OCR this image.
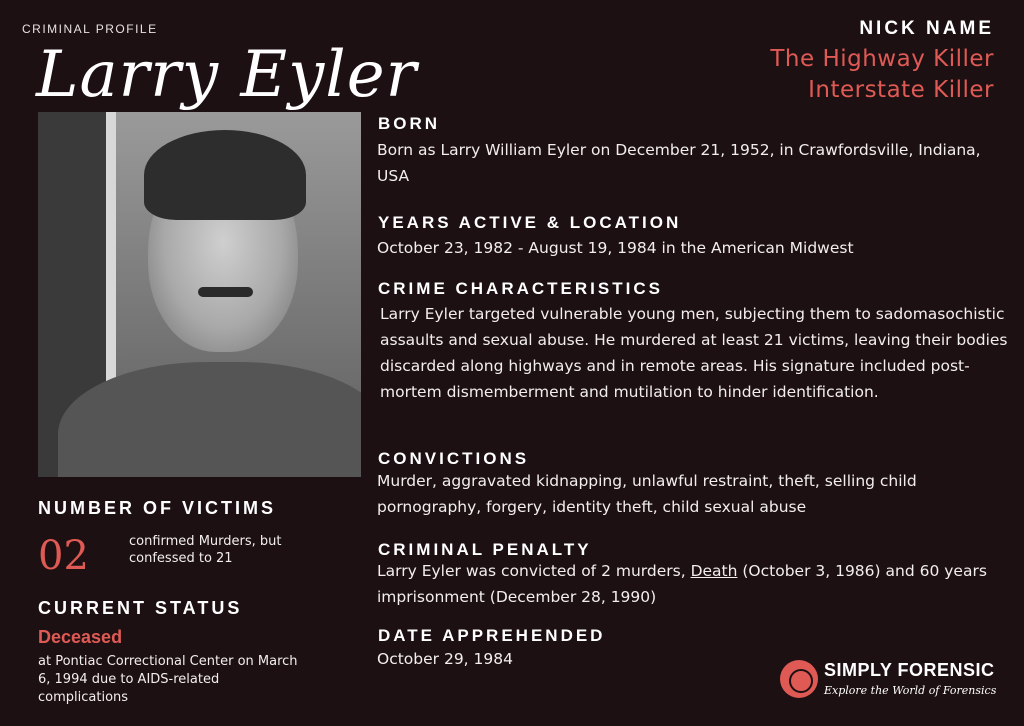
CRIMINAL PROFILE
Larry Eyler
NICK NAME
The Highway Killer
Interstate Killer
BORN
Born as Larry William Eyler on December 21, 1952, in Crawfordsville, Indiana, USA
YEARS ACTIVE & LOCATION
October 23, 1982 - August 19, 1984 in the American Midwest
CRIME CHARACTERISTICS
Larry Eyler targeted vulnerable young men, subjecting them to sadomasochistic assaults and sexual abuse. He murdered at least 21 victims, leaving their bodies discarded along highways and in remote areas. His signature included post-mortem dismemberment and mutilation to hinder identification.
CONVICTIONS
Murder, aggravated kidnapping, unlawful restraint, theft, selling child pornography, forgery, identity theft, child sexual abuse
CRIMINAL PENALTY
Larry Eyler was convicted of 2 murders, Death (October 3, 1986) and 60 years imprisonment (December 28, 1990)
DATE APPREHENDED
October 29, 1984
NUMBER OF VICTIMS
02	confirmed Murders, but confessed to 21
CURRENT STATUS
Deceased
at Pontiac Correctional Center on March 6, 1994 due to AIDS-related complications
SIMPLY FORENSIC
Explore the World of Forensics
